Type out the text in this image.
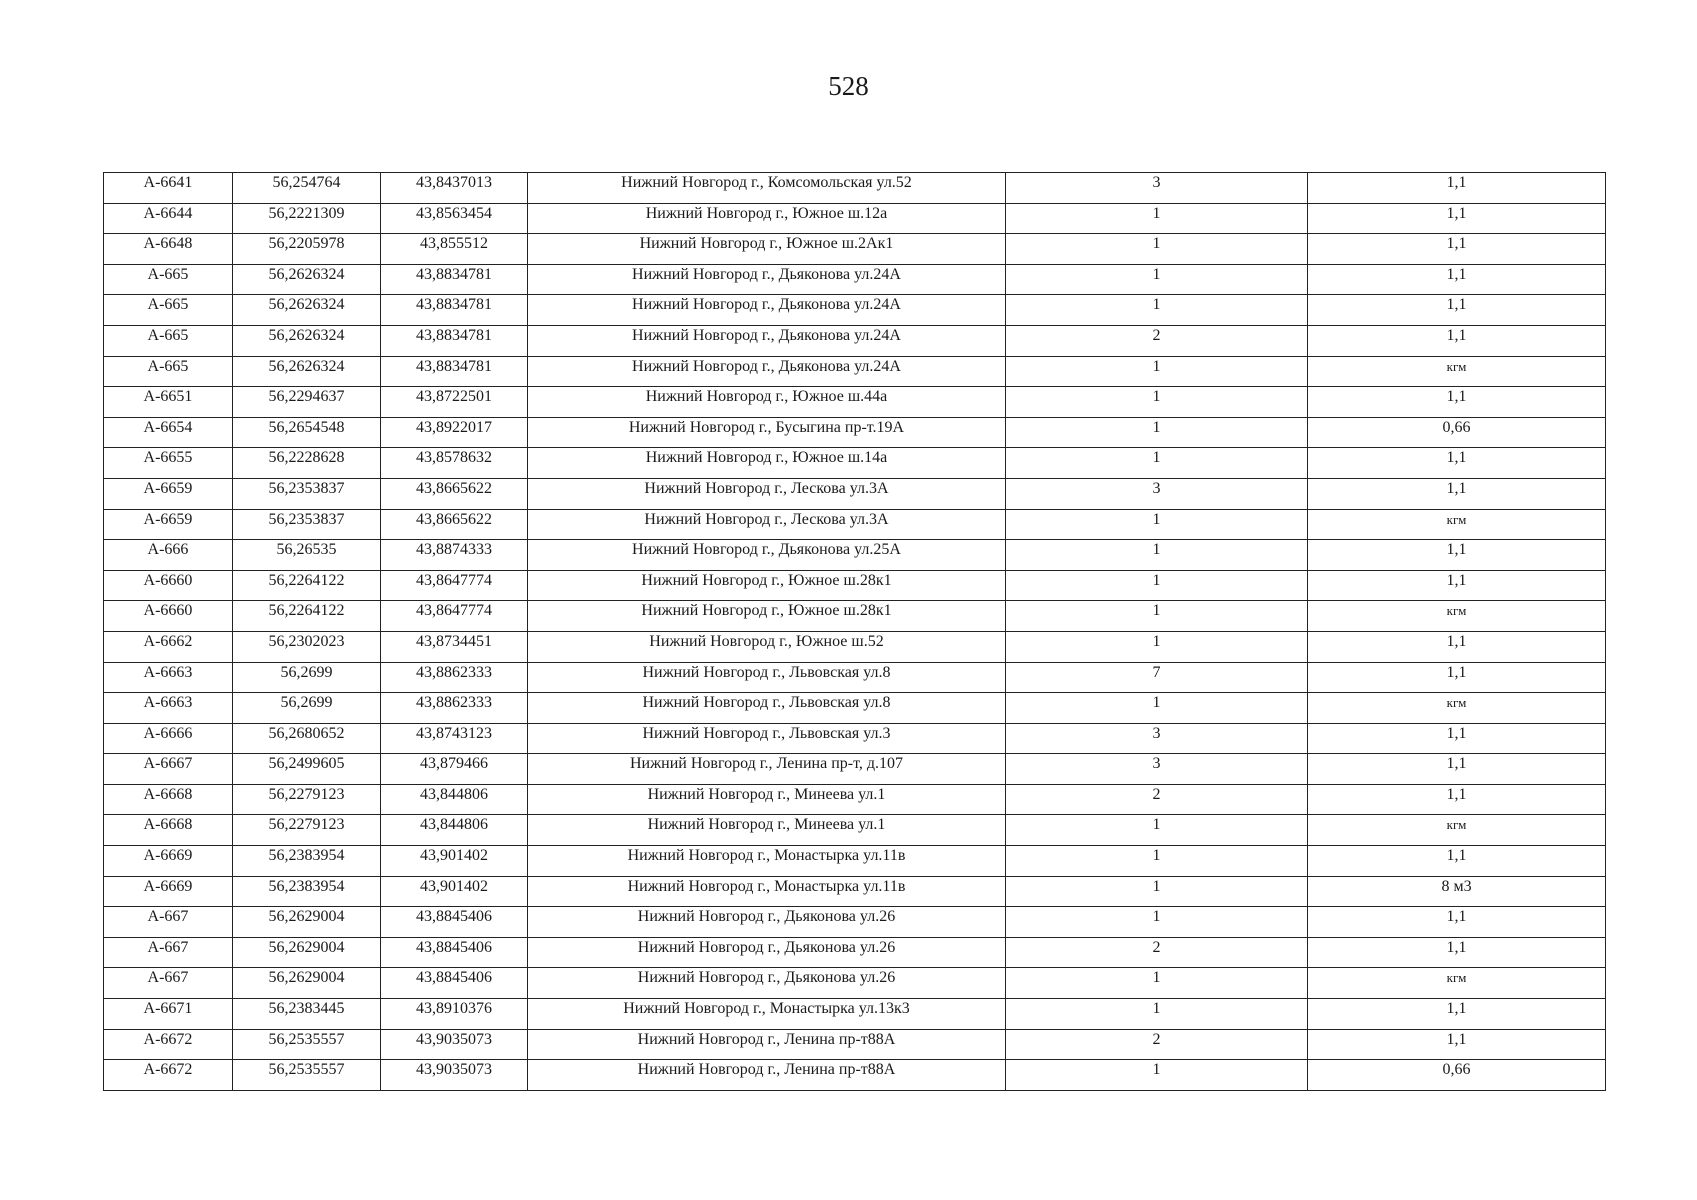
528
А-6641	56,254764	43,8437013	Нижний Новгород г., Комсомольская ул.52	3	1,1
А-6644	56,2221309	43,8563454	Нижний Новгород г., Южное ш.12а	1	1,1
А-6648	56,2205978	43,855512	Нижний Новгород г., Южное ш.2Ак1	1	1,1
А-665	56,2626324	43,8834781	Нижний Новгород г., Дьяконова ул.24А	1	1,1
А-665	56,2626324	43,8834781	Нижний Новгород г., Дьяконова ул.24А	1	1,1
А-665	56,2626324	43,8834781	Нижний Новгород г., Дьяконова ул.24А	2	1,1
А-665	56,2626324	43,8834781	Нижний Новгород г., Дьяконова ул.24А	1	кгм
А-6651	56,2294637	43,8722501	Нижний Новгород г., Южное ш.44а	1	1,1
А-6654	56,2654548	43,8922017	Нижний Новгород г., Бусыгина пр-т.19А	1	0,66
А-6655	56,2228628	43,8578632	Нижний Новгород г., Южное ш.14а	1	1,1
А-6659	56,2353837	43,8665622	Нижний Новгород г., Лескова ул.3А	3	1,1
А-6659	56,2353837	43,8665622	Нижний Новгород г., Лескова ул.3А	1	кгм
А-666	56,26535	43,8874333	Нижний Новгород г., Дьяконова ул.25А	1	1,1
А-6660	56,2264122	43,8647774	Нижний Новгород г., Южное ш.28к1	1	1,1
А-6660	56,2264122	43,8647774	Нижний Новгород г., Южное ш.28к1	1	кгм
А-6662	56,2302023	43,8734451	Нижний Новгород г., Южное ш.52	1	1,1
А-6663	56,2699	43,8862333	Нижний Новгород г., Львовская ул.8	7	1,1
А-6663	56,2699	43,8862333	Нижний Новгород г., Львовская ул.8	1	кгм
А-6666	56,2680652	43,8743123	Нижний Новгород г., Львовская ул.3	3	1,1
А-6667	56,2499605	43,879466	Нижний Новгород г., Ленина пр-т, д.107	3	1,1
А-6668	56,2279123	43,844806	Нижний Новгород г., Минеева ул.1	2	1,1
А-6668	56,2279123	43,844806	Нижний Новгород г., Минеева ул.1	1	кгм
А-6669	56,2383954	43,901402	Нижний Новгород г., Монастырка ул.11в	1	1,1
А-6669	56,2383954	43,901402	Нижний Новгород г., Монастырка ул.11в	1	8 м3
А-667	56,2629004	43,8845406	Нижний Новгород г., Дьяконова ул.26	1	1,1
А-667	56,2629004	43,8845406	Нижний Новгород г., Дьяконова ул.26	2	1,1
А-667	56,2629004	43,8845406	Нижний Новгород г., Дьяконова ул.26	1	кгм
А-6671	56,2383445	43,8910376	Нижний Новгород г., Монастырка ул.13к3	1	1,1
А-6672	56,2535557	43,9035073	Нижний Новгород г., Ленина пр-т88А	2	1,1
А-6672	56,2535557	43,9035073	Нижний Новгород г., Ленина пр-т88А	1	0,66
